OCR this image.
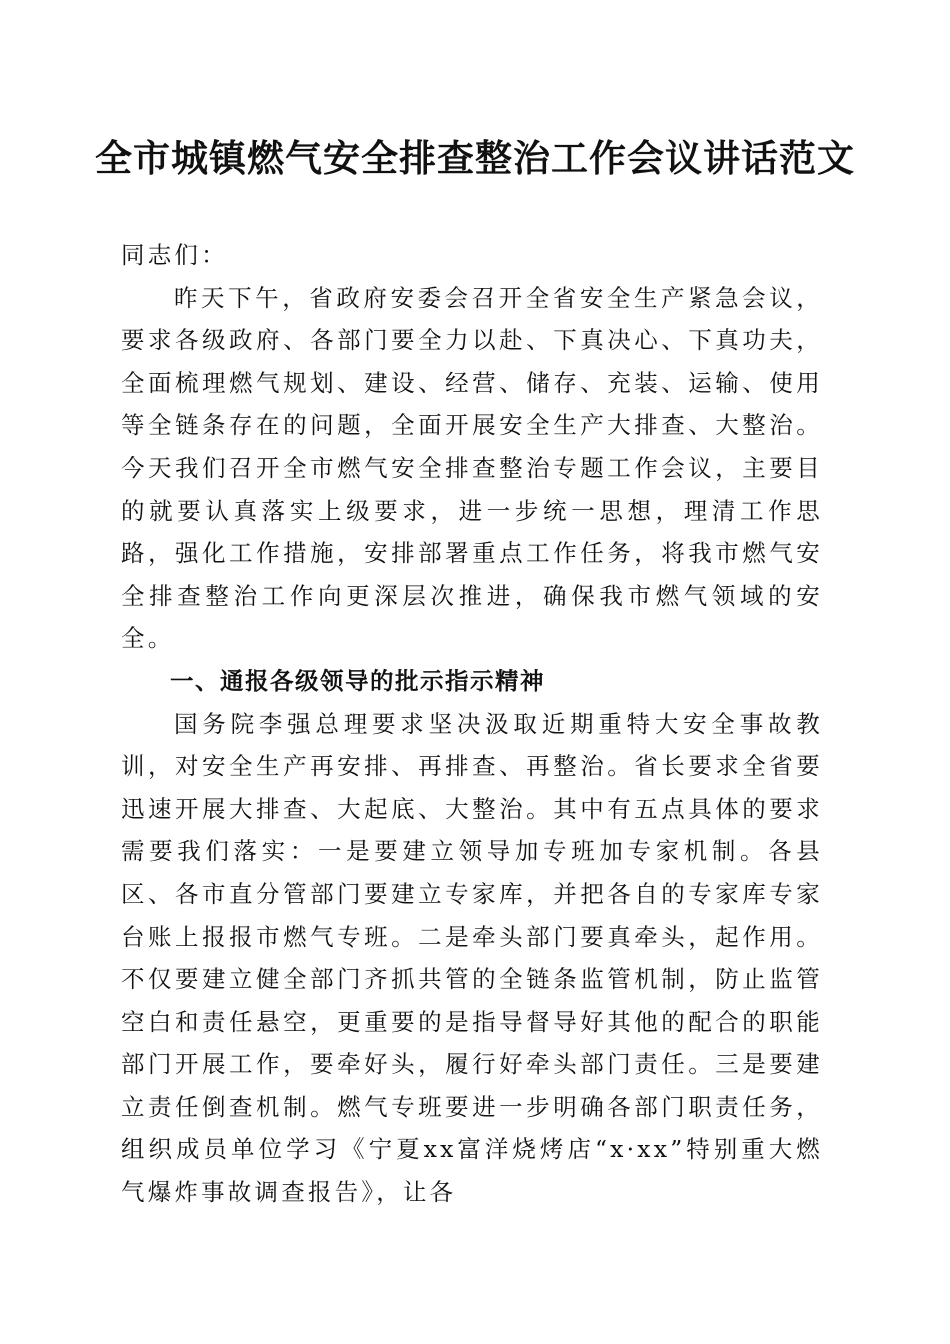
全市城镇燃气安全排查整治工作会议讲话范文

同志们：

昨天下午，省政府安委会召开全省安全生产紧急会议，要求各级政府、各部门要全力以赴、下真决心、下真功夫，全面梳理燃气规划、建设、经营、储存、充装、运输、使用等全链条存在的问题，全面开展安全生产大排查、大整治。今天我们召开全市燃气安全排查整治专题工作会议，主要目的就要认真落实上级要求，进一步统一思想，理清工作思路，强化工作措施，安排部署重点工作任务，将我市燃气安全排查整治工作向更深层次推进，确保我市燃气领域的安全。

一、通报各级领导的批示指示精神

国务院李强总理要求坚决汲取近期重特大安全事故教训，对安全生产再安排、再排查、再整治。省长要求全省要迅速开展大排查、大起底、大整治。其中有五点具体的要求需要我们落实：一是要建立领导加专班加专家机制。各县区、各市直分管部门要建立专家库，并把各自的专家库专家台账上报报市燃气专班。二是牵头部门要真牵头，起作用。不仅要建立健全部门齐抓共管的全链条监管机制，防止监管空白和责任悬空，更重要的是指导督导好其他的配合的职能部门开展工作，要牵好头，履行好牵头部门责任。三是要建立责任倒查机制。燃气专班要进一步明确各部门职责任务，组织成员单位学习《宁夏xx富洋烧烤店“x·xx”特别重大燃气爆炸事故调查报告》，让各
